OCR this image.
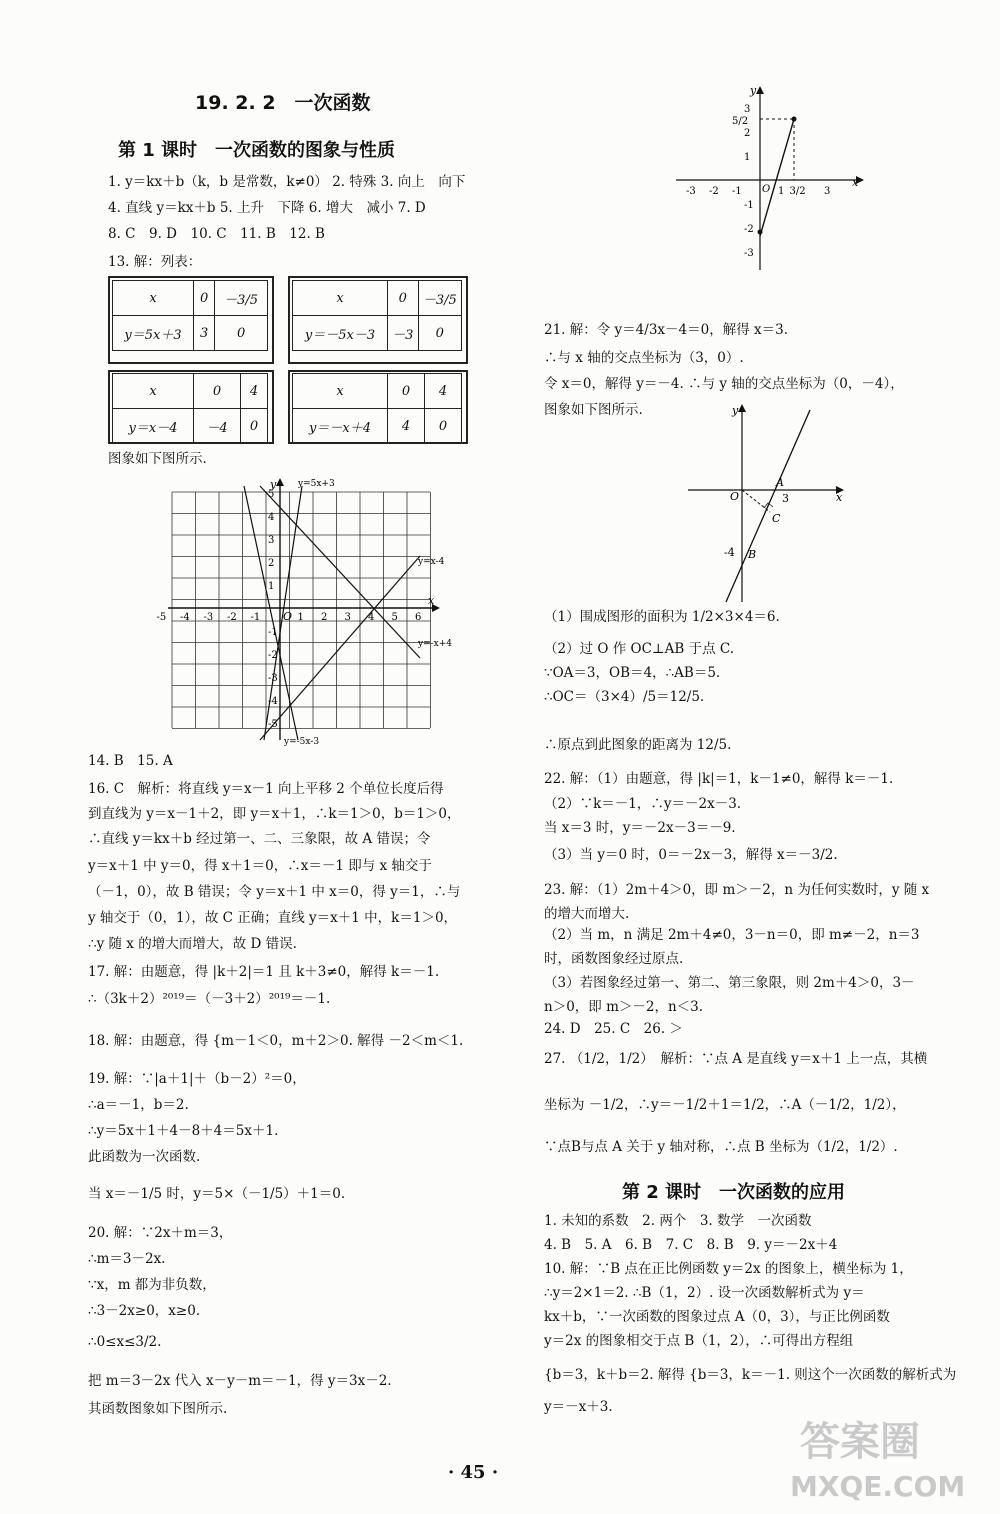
19. 2. 2　一次函数
第 1 课时　一次函数的图象与性质
1. y＝kx＋b（k，b 是常数，k≠0） 2. 特殊 3. 向上　向下
4. 直线 y＝kx＋b 5. 上升　下降 6. 增大　减小 7. D
8. C　9. D　10. C　11. B　12. B
13. 解：列表：
x	0	－3/5
y＝5x＋3	3	0
x	0	－3/5
y＝－5x－3	－3	0
x	0	4
y＝x－4	－4	0
x	0	4
y＝－x＋4	4	0
图象如下图所示.
y=5x+3
y=x-4
y=-x+4
y=-5x-3
x
y
O
-5 -4 -3 -2 -1	1 2 3 4 5 6
5
4
3
2
1
-1
-2
-3
-4
-5
14. B　15. A
16. C　解析：将直线 y＝x－1 向上平移 2 个单位长度后得
到直线为 y＝x－1＋2，即 y＝x＋1，∴k＝1＞0，b＝1＞0，
∴直线 y＝kx＋b 经过第一、二、三象限，故 A 错误；令
y＝x＋1 中 y＝0，得 x＋1＝0，∴x＝－1 即与 x 轴交于
（－1，0），故 B 错误；令 y＝x＋1 中 x＝0，得 y＝1，∴与
y 轴交于（0，1），故 C 正确；直线 y＝x＋1 中，k＝1＞0，
∴y 随 x 的增大而增大，故 D 错误.
17. 解：由题意，得 |k＋2|＝1 且 k＋3≠0，解得 k＝－1.
∴（3k＋2）²⁰¹⁹＝（－3＋2）²⁰¹⁹＝－1.
18. 解：由题意，得 {m－1＜0，m＋2＞0. 解得 －2＜m＜1.
19. 解：∵|a＋1|＋（b－2）²＝0，
∴a＝－1，b＝2.
∴y＝5x＋1＋4－8＋4＝5x＋1.
此函数为一次函数.
当 x＝－1/5 时，y＝5×（－1/5）＋1＝0.
20. 解：∵2x＋m＝3，
∴m＝3－2x.
∵x，m 都为非负数，
∴3－2x≥0，x≥0.
∴0≤x≤3/2.
把 m＝3－2x 代入 x－y－m＝－1，得 y＝3x－2.
其函数图象如下图所示.
x
y
O
-3 -2 -1	1 3/2 3
3
5/2
2
1
-1
-2
-3
21. 解：令 y＝4/3x－4＝0，解得 x＝3.
∴与 x 轴的交点坐标为（3，0）.
令 x＝0，解得 y＝－4. ∴与 y 轴的交点坐标为（0，－4），
图象如下图所示.
（1）围成图形的面积为 1/2×3×4＝6.
（2）过 O 作 OC⊥AB 于点 C.
∵OA＝3，OB＝4，∴AB＝5.
∴OC＝（3×4）/5＝12/5.
∴原点到此图象的距离为 12/5.
22. 解：（1）由题意，得 |k|＝1，k－1≠0，解得 k＝－1.
（2）∵k＝－1，∴y＝－2x－3.
当 x＝3 时，y＝－2x－3＝－9.
（3）当 y＝0 时，0＝－2x－3，解得 x＝－3/2.
23. 解：（1）2m＋4＞0，即 m＞－2，n 为任何实数时，y 随 x
的增大而增大.
（2）当 m，n 满足 2m＋4≠0，3－n＝0，即 m≠－2，n＝3
时，函数图象经过原点.
（3）若图象经过第一、第二、第三象限，则 2m＋4＞0，3－
n＞0，即 m＞－2，n＜3.
24. D　25. C　26. ＞
27. （1/2，1/2）　解析：∵点 A 是直线 y＝x＋1 上一点，其横
坐标为 －1/2，∴y＝－1/2＋1＝1/2，∴A（－1/2，1/2），
∵点B与点 A 关于 y 轴对称，∴点 B 坐标为（1/2，1/2）.
x
y
O
A
B
C
3
-4
第 2 课时　一次函数的应用
1. 未知的系数　2. 两个　3. 数学　一次函数
4. B　5. A　6. B　7. C　8. B　9. y＝－2x＋4
10. 解：∵B 点在正比例函数 y＝2x 的图象上，横坐标为 1，
∴y＝2×1＝2. ∴B（1，2）. 设一次函数解析式为 y＝
kx＋b，∵一次函数的图象过点 A（0，3），与正比例函数
y＝2x 的图象相交于点 B（1，2），∴可得出方程组
{b＝3，k＋b＝2. 解得 {b＝3，k＝－1. 则这个一次函数的解析式为
y＝－x＋3.
· 45 ·
答案圈
MXQE.COM
